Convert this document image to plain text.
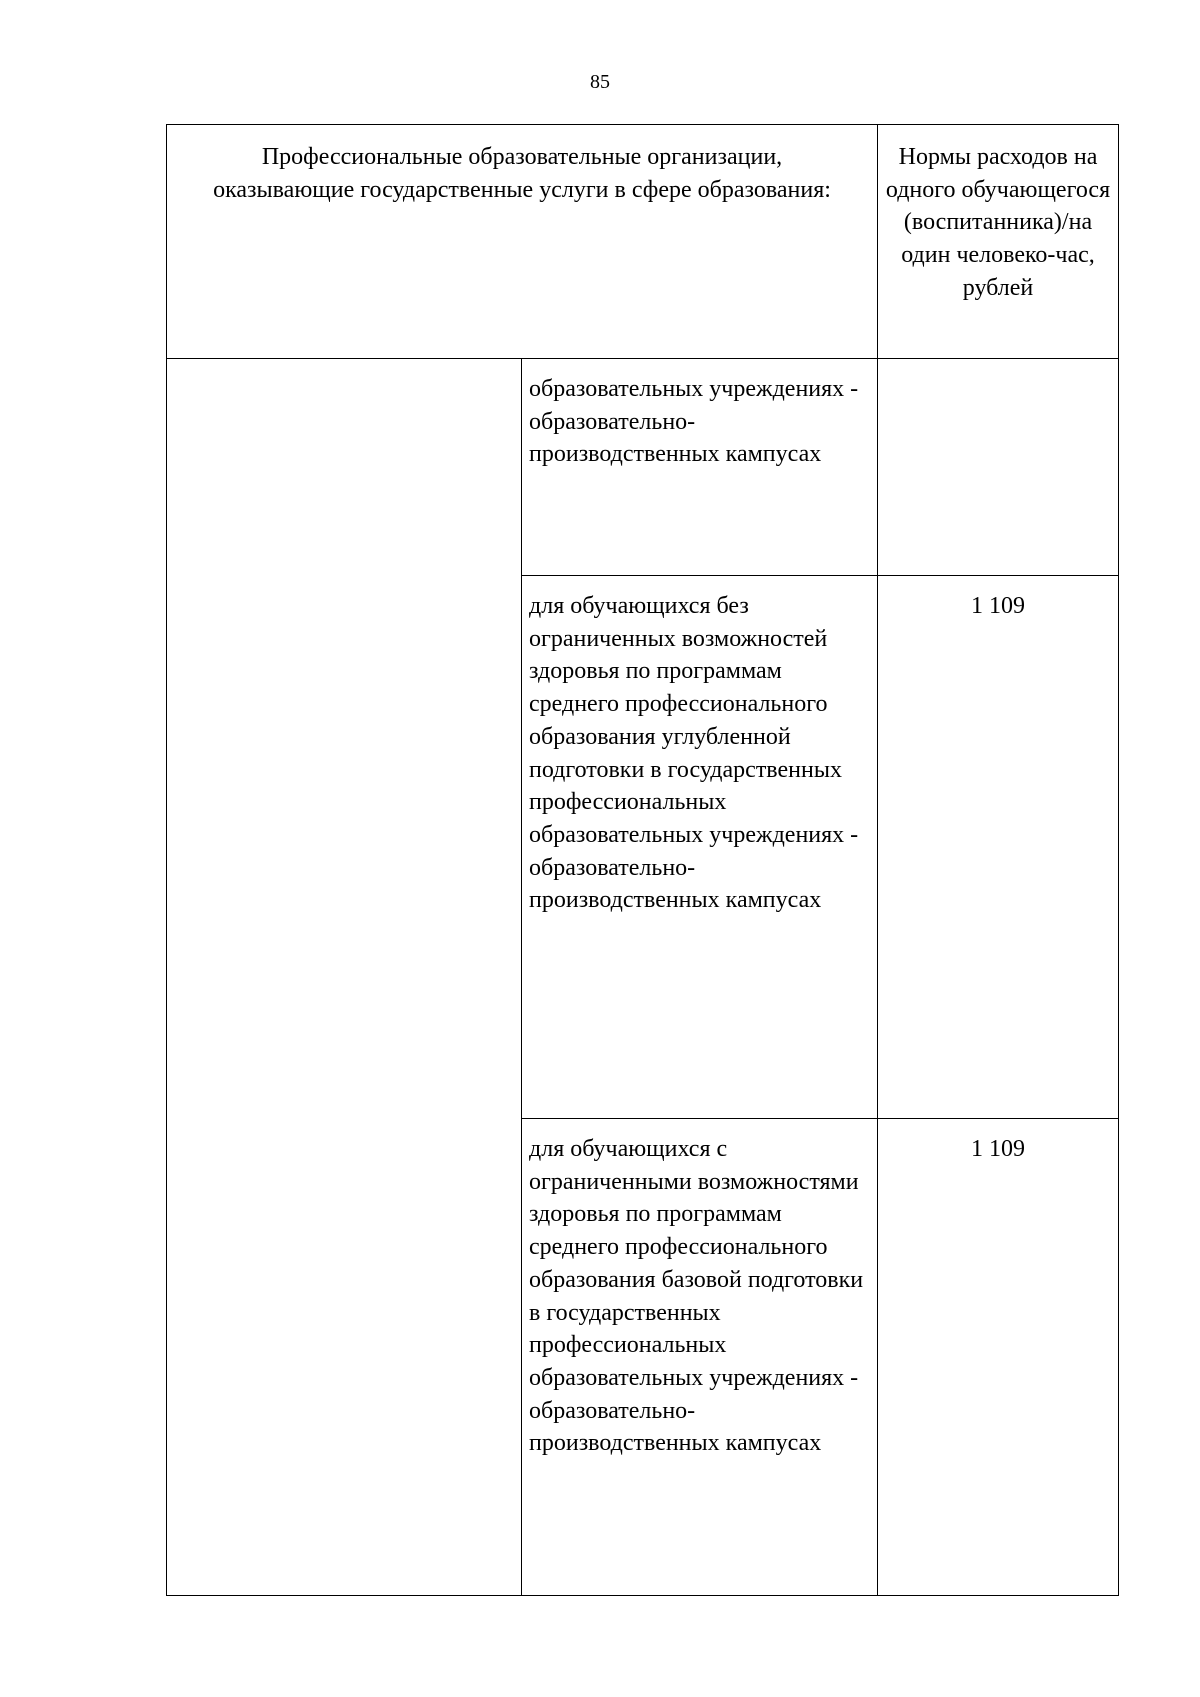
85
Профессиональные образовательные организации, оказывающие государственные услуги в сфере образования:		Нормы расходов на одного обучающегося (воспитанника)/на один человеко-час, рублей

	образовательных учреждениях - образовательно-производственных кампусах	
	для обучающихся без ограниченных возможностей здоровья по программам среднего профессионального образования углубленной подготовки в государственных профессиональных образовательных учреждениях - образовательно-производственных кампусах	1 109
	для обучающихся с ограниченными возможностями здоровья по программам среднего профессионального образования базовой подготовки в государственных профессиональных образовательных учреждениях - образовательно-производственных кампусах	1 109
